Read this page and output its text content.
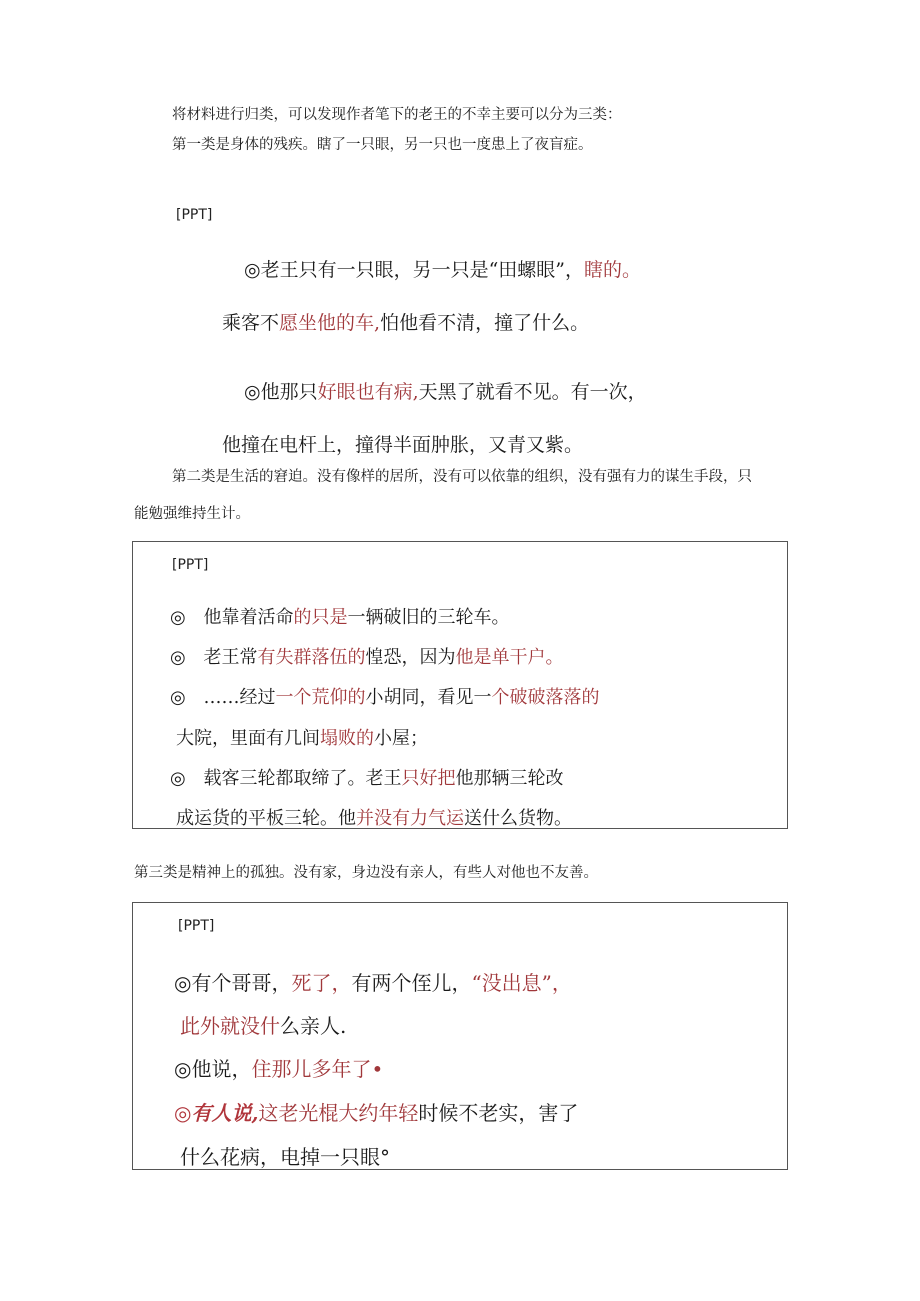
将材料进行归类，可以发现作者笔下的老王的不幸主要可以分为三类：
第一类是身体的残疾。瞎了一只眼，另一只也一度患上了夜盲症。
[PPT]
◎老王只有一只眼，另一只是“田螺眼”，瞎的。
乘客不愿坐他的车,怕他看不清，撞了什么。
◎他那只好眼也有病,天黑了就看不见。有一次，
他撞在电杆上，撞得半面肿胀，又青又紫。
第二类是生活的窘迫。没有像样的居所，没有可以依靠的组织，没有强有力的谋生手段，只
能勉强维持生计。
[PPT]
◎ 他靠着活命的只是一辆破旧的三轮车。
◎ 老王常有失群落伍的惶恐，因为他是单干户。
◎ ……经过一个荒仰的小胡同，看见一个破破落落的
大院，里面有几间塌败的小屋；
◎ 载客三轮都取缔了。老王只好把他那辆三轮改
成运货的平板三轮。他并没有力气运送什么货物。
第三类是精神上的孤独。没有家，身边没有亲人，有些人对他也不友善。
[PPT]
◎有个哥哥，死了，有两个侄儿，“没出息”，
此外就没什么亲人.
◎他说，住那儿多年了•
◎有人说,这老光棍大约年轻时候不老实，害了
什么花病，电掉一只眼°
